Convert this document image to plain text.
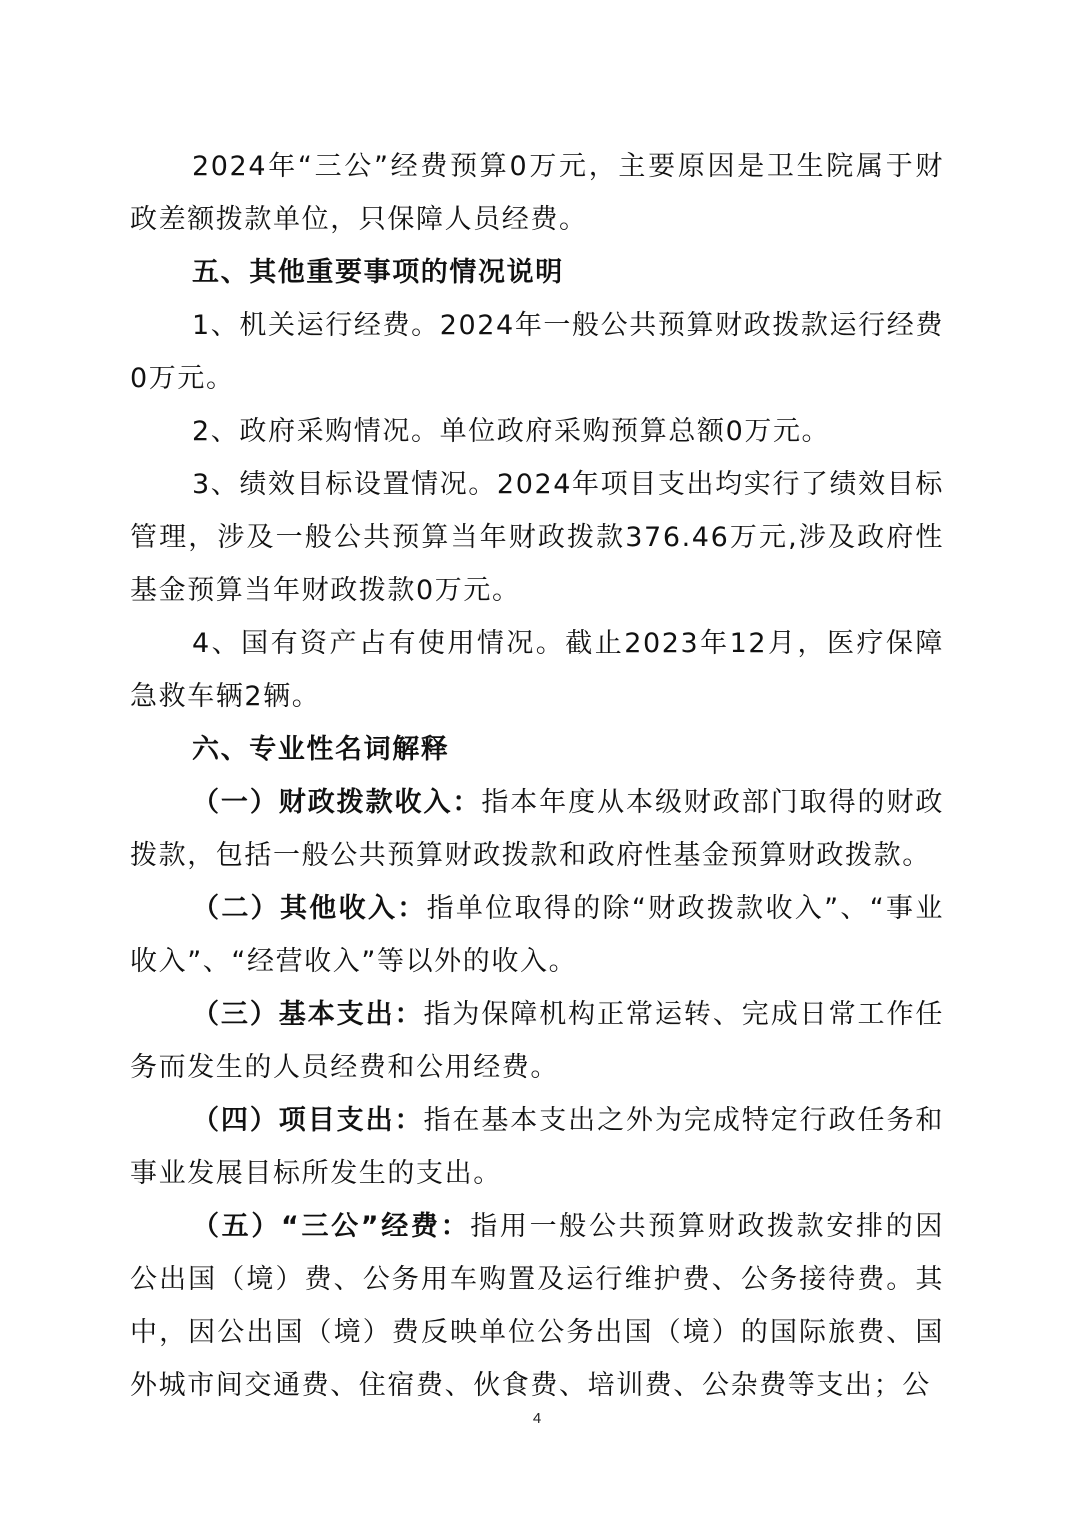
2024年“三公”经费预算0万元，主要原因是卫生院属于财政差额拨款单位，只保障人员经费。

五、其他重要事项的情况说明

1、机关运行经费。2024年一般公共预算财政拨款运行经费0万元。

2、政府采购情况。单位政府采购预算总额0万元。

3、绩效目标设置情况。2024年项目支出均实行了绩效目标管理，涉及一般公共预算当年财政拨款376.46万元,涉及政府性基金预算当年财政拨款0万元。

4、国有资产占有使用情况。截止2023年12月，医疗保障急救车辆2辆。

六、专业性名词解释

（一）财政拨款收入：指本年度从本级财政部门取得的财政拨款，包括一般公共预算财政拨款和政府性基金预算财政拨款。

（二）其他收入：指单位取得的除“财政拨款收入”、“事业收入”、“经营收入”等以外的收入。

（三）基本支出：指为保障机构正常运转、完成日常工作任务而发生的人员经费和公用经费。

（四）项目支出：指在基本支出之外为完成特定行政任务和事业发展目标所发生的支出。

（五）“三公”经费：指用一般公共预算财政拨款安排的因公出国（境）费、公务用车购置及运行维护费、公务接待费。其中，因公出国（境）费反映单位公务出国（境）的国际旅费、国外城市间交通费、住宿费、伙食费、培训费、公杂费等支出；公

4
